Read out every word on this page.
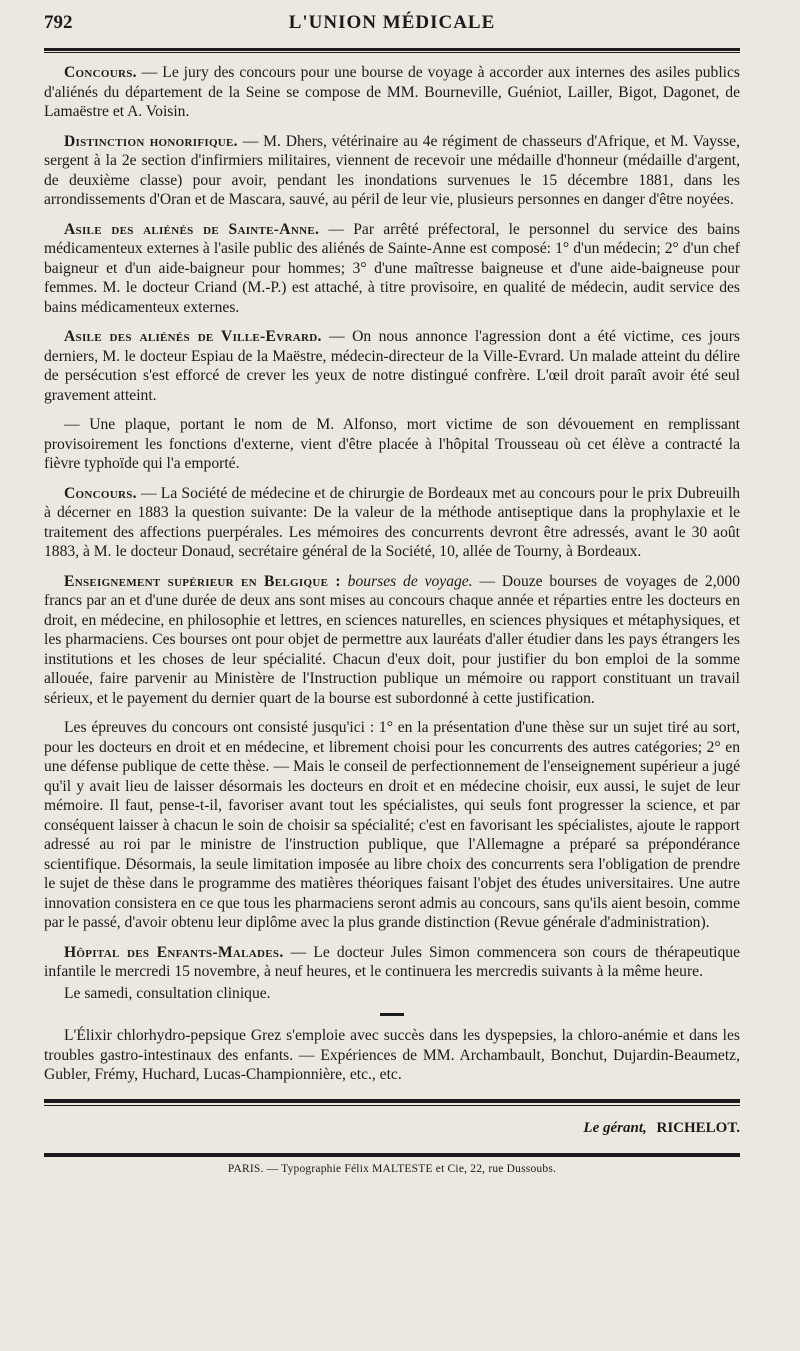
792	L'UNION MÉDICALE

Concours. — Le jury des concours pour une bourse de voyage à accorder aux internes des asiles publics d'aliénés du département de la Seine se compose de MM. Bourneville, Guéniot, Lailler, Bigot, Dagonet, de Lamaëstre et A. Voisin.

Distinction honorifique. — M. Dhers, vétérinaire au 4e régiment de chasseurs d'Afrique, et M. Vaysse, sergent à la 2e section d'infirmiers militaires, viennent de recevoir une médaille d'honneur (médaille d'argent, de deuxième classe) pour avoir, pendant les inondations survenues le 15 décembre 1881, dans les arrondissements d'Oran et de Mascara, sauvé, au péril de leur vie, plusieurs personnes en danger d'être noyées.

Asile des aliénés de Sainte-Anne. — Par arrêté préfectoral, le personnel du service des bains médicamenteux externes à l'asile public des aliénés de Sainte-Anne est composé: 1° d'un médecin; 2° d'un chef baigneur et d'un aide-baigneur pour hommes; 3° d'une maîtresse baigneuse et d'une aide-baigneuse pour femmes. M. le docteur Criand (M.-P.) est attaché, à titre provisoire, en qualité de médecin, audit service des bains médicamenteux externes.

Asile des aliénés de Ville-Evrard. — On nous annonce l'agression dont a été victime, ces jours derniers, M. le docteur Espiau de la Maëstre, médecin-directeur de la Ville-Evrard. Un malade atteint du délire de persécution s'est efforcé de crever les yeux de notre distingué confrère. L'œil droit paraît avoir été seul gravement atteint.

— Une plaque, portant le nom de M. Alfonso, mort victime de son dévouement en remplissant provisoirement les fonctions d'externe, vient d'être placée à l'hôpital Trousseau où cet élève a contracté la fièvre typhoïde qui l'a emporté.

Concours. — La Société de médecine et de chirurgie de Bordeaux met au concours pour le prix Dubreuilh à décerner en 1883 la question suivante: De la valeur de la méthode antiseptique dans la prophylaxie et le traitement des affections puerpérales. Les mémoires des concurrents devront être adressés, avant le 30 août 1883, à M. le docteur Donaud, secrétaire général de la Société, 10, allée de Tourny, à Bordeaux.

Enseignement supérieur en Belgique : bourses de voyage. — Douze bourses de voyages de 2,000 francs par an et d'une durée de deux ans sont mises au concours chaque année et réparties entre les docteurs en droit, en médecine, en philosophie et lettres, en sciences naturelles, en sciences physiques et métaphysiques, et les pharmaciens. Ces bourses ont pour objet de permettre aux lauréats d'aller étudier dans les pays étrangers les institutions et les choses de leur spécialité. Chacun d'eux doit, pour justifier du bon emploi de la somme allouée, faire parvenir au Ministère de l'Instruction publique un mémoire ou rapport constituant un travail sérieux, et le payement du dernier quart de la bourse est subordonné à cette justification.

Les épreuves du concours ont consisté jusqu'ici : 1° en la présentation d'une thèse sur un sujet tiré au sort, pour les docteurs en droit et en médecine, et librement choisi pour les concurrents des autres catégories; 2° en une défense publique de cette thèse. — Mais le conseil de perfectionnement de l'enseignement supérieur a jugé qu'il y avait lieu de laisser désormais les docteurs en droit et en médecine choisir, eux aussi, le sujet de leur mémoire. Il faut, pense-t-il, favoriser avant tout les spécialistes, qui seuls font progresser la science, et par conséquent laisser à chacun le soin de choisir sa spécialité; c'est en favorisant les spécialistes, ajoute le rapport adressé au roi par le ministre de l'instruction publique, que l'Allemagne a préparé sa prépondérance scientifique. Désormais, la seule limitation imposée au libre choix des concurrents sera l'obligation de prendre le sujet de thèse dans le programme des matières théoriques faisant l'objet des études universitaires. Une autre innovation consistera en ce que tous les pharmaciens seront admis au concours, sans qu'ils aient besoin, comme par le passé, d'avoir obtenu leur diplôme avec la plus grande distinction (Revue générale d'administration).

Hôpital des Enfants-Malades. — Le docteur Jules Simon commencera son cours de thérapeutique infantile le mercredi 15 novembre, à neuf heures, et le continuera les mercredis suivants à la même heure.

Le samedi, consultation clinique.

L'Élixir chlorhydro-pepsique Grez s'emploie avec succès dans les dyspepsies, la chloro-anémie et dans les troubles gastro-intestinaux des enfants. — Expériences de MM. Archambault, Bonchut, Dujardin-Beaumetz, Gubler, Frémy, Huchard, Lucas-Championnière, etc., etc.

Le gérant, RICHELOT.
PARIS. — Typographie Félix MALTESTE et Cie, 22, rue Dussoubs.
